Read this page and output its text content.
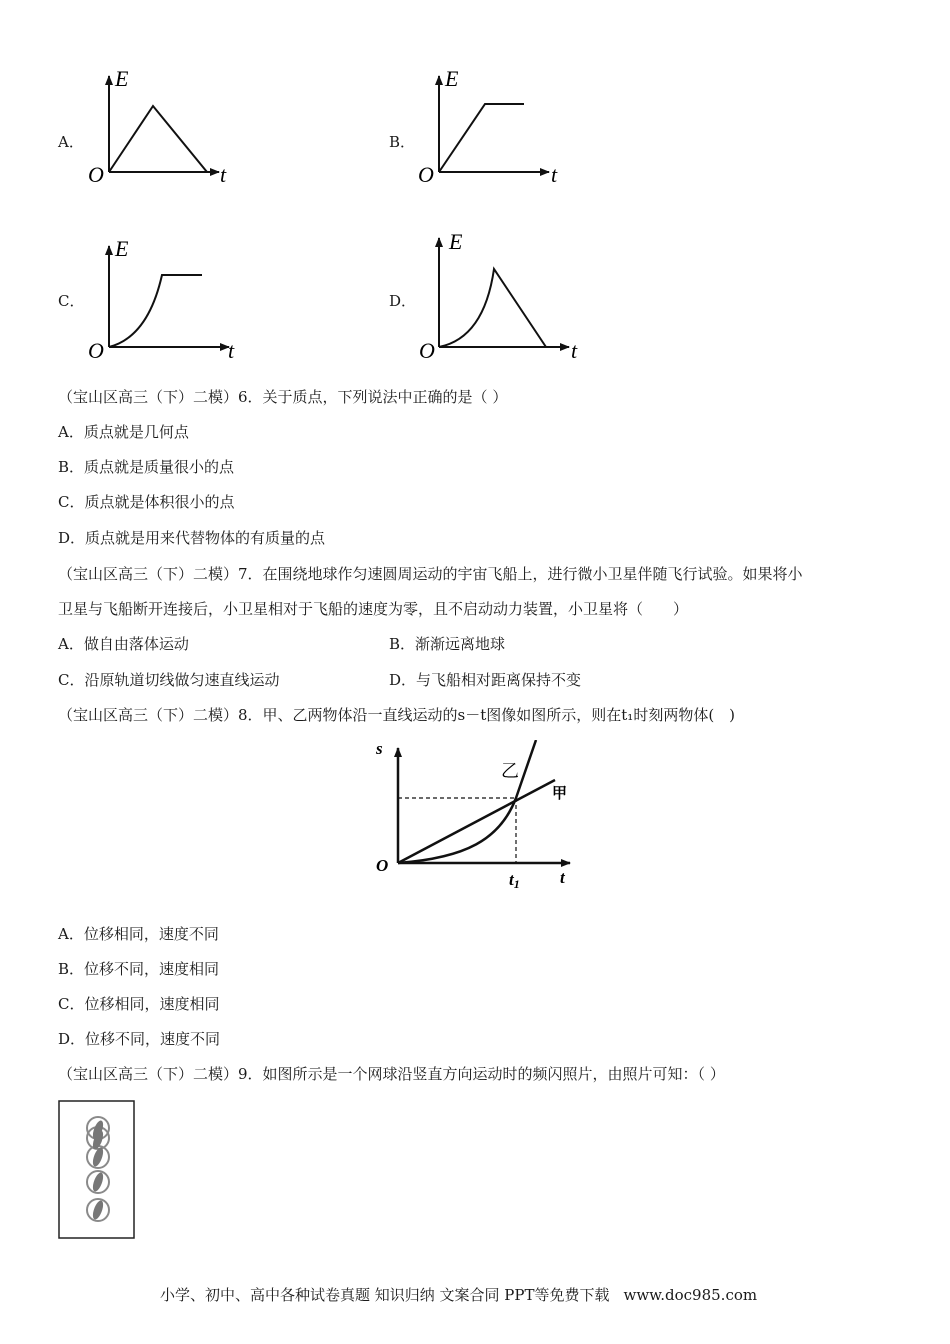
A．
E
t
O
B．
E
t
O
C．
E
t
O
D．
E
t
O
（宝山区高三（下）二模）6．关于质点，下列说法中正确的是（ ）
A．质点就是几何点
B．质点就是质量很小的点
C．质点就是体积很小的点
D．质点就是用来代替物体的有质量的点
（宝山区高三（下）二模）7．在围绕地球作匀速圆周运动的宇宙飞船上，进行微小卫星伴随飞行试验。如果将小
卫星与飞船断开连接后，小卫星相对于飞船的速度为零，且不启动动力装置，小卫星将（　　）
A．做自由落体运动	B．渐渐远离地球
C．沿原轨道切线做匀速直线运动	D．与飞船相对距离保持不变
（宝山区高三（下）二模）8．甲、乙两物体沿一直线运动的s－t图像如图所示，则在t₁时刻两物体(　)
s
t
O
t1
甲
乙
A．位移相同，速度不同
B．位移不同，速度相同
C．位移相同，速度相同
D．位移不同，速度不同
（宝山区高三（下）二模）9．如图所示是一个网球沿竖直方向运动时的频闪照片，由照片可知：（ ）
小学、初中、高中各种试卷真题 知识归纳 文案合同 PPT等免费下载 www.doc985.com
